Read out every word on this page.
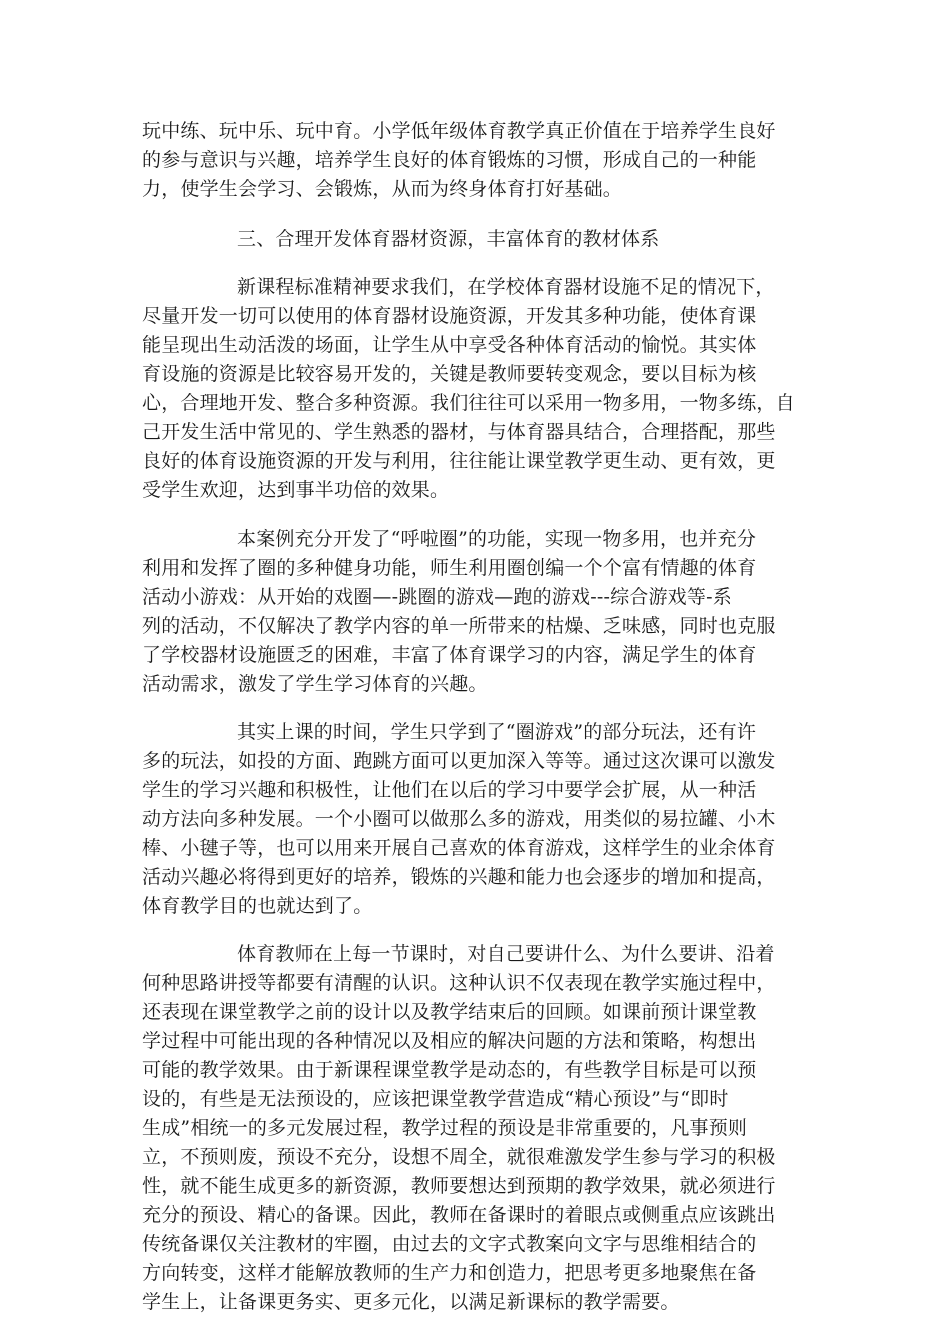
玩中练、玩中乐、玩中育。小学低年级体育教学真正价值在于培养学生良好
的参与意识与兴趣，培养学生良好的体育锻炼的习惯，形成自己的一种能
力，使学生会学习、会锻炼，从而为终身体育打好基础。
三、合理开发体育器材资源，丰富体育的教材体系
新课程标准精神要求我们，在学校体育器材设施不足的情况下，
尽量开发一切可以使用的体育器材设施资源，开发其多种功能，使体育课
能呈现出生动活泼的场面，让学生从中享受各种体育活动的愉悦。其实体
育设施的资源是比较容易开发的，关键是教师要转变观念，要以目标为核
心，合理地开发、整合多种资源。我们往往可以采用一物多用，一物多练，自
己开发生活中常见的、学生熟悉的器材，与体育器具结合，合理搭配，那些
良好的体育设施资源的开发与利用，往往能让课堂教学更生动、更有效，更
受学生欢迎，达到事半功倍的效果。
本案例充分开发了“呼啦圈”的功能，实现一物多用，也并充分
利用和发挥了圈的多种健身功能，师生利用圈创编一个个富有情趣的体育
活动小游戏：从开始的戏圈—-跳圈的游戏—跑的游戏---综合游戏等-系
列的活动，不仅解决了教学内容的单一所带来的枯燥、乏味感，同时也克服
了学校器材设施匮乏的困难，丰富了体育课学习的内容，满足学生的体育
活动需求，激发了学生学习体育的兴趣。
其实上课的时间，学生只学到了“圈游戏”的部分玩法，还有许
多的玩法，如投的方面、跑跳方面可以更加深入等等。通过这次课可以激发
学生的学习兴趣和积极性，让他们在以后的学习中要学会扩展，从一种活
动方法向多种发展。一个小圈可以做那么多的游戏，用类似的易拉罐、小木
棒、小毽子等，也可以用来开展自己喜欢的体育游戏，这样学生的业余体育
活动兴趣必将得到更好的培养，锻炼的兴趣和能力也会逐步的增加和提高，
体育教学目的也就达到了。
体育教师在上每一节课时，对自己要讲什么、为什么要讲、沿着
何种思路讲授等都要有清醒的认识。这种认识不仅表现在教学实施过程中，
还表现在课堂教学之前的设计以及教学结束后的回顾。如课前预计课堂教
学过程中可能出现的各种情况以及相应的解决问题的方法和策略，构想出
可能的教学效果。由于新课程课堂教学是动态的，有些教学目标是可以预
设的，有些是无法预设的，应该把课堂教学营造成“精心预设”与“即时
生成”相统一的多元发展过程，教学过程的预设是非常重要的，凡事预则
立，不预则废，预设不充分，设想不周全，就很难激发学生参与学习的积极
性，就不能生成更多的新资源，教师要想达到预期的教学效果，就必须进行
充分的预设、精心的备课。因此，教师在备课时的着眼点或侧重点应该跳出
传统备课仅关注教材的牢圈，由过去的文字式教案向文字与思维相结合的
方向转变，这样才能解放教师的生产力和创造力，把思考更多地聚焦在备
学生上，让备课更务实、更多元化，以满足新课标的教学需要。
